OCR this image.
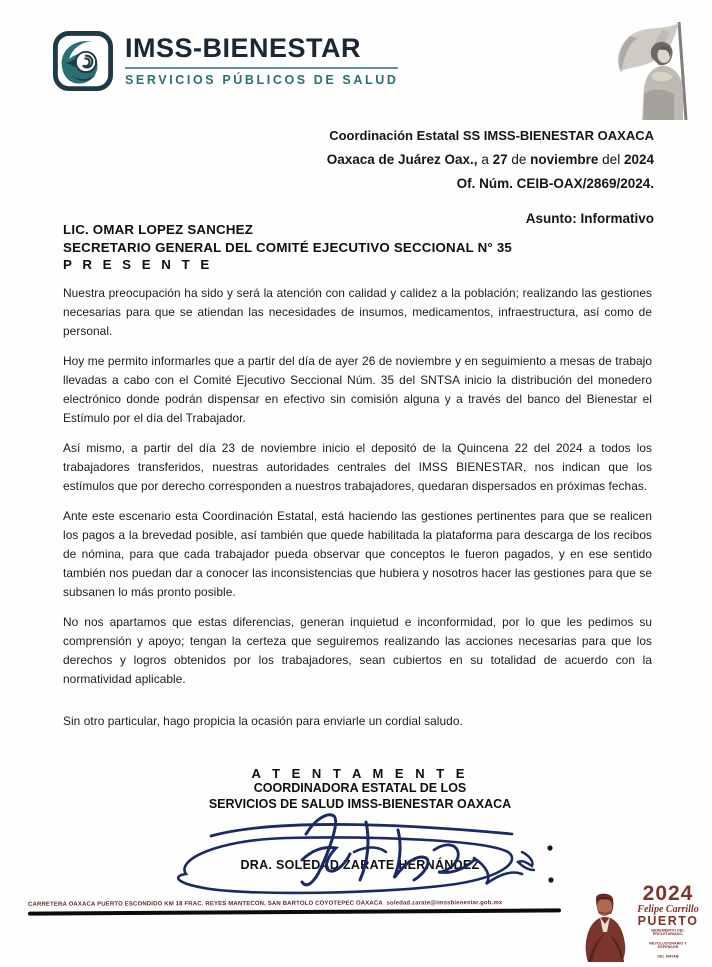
IMSS-BIENESTAR
SERVICIOS PÚBLICOS DE SALUD
Coordinación Estatal SS IMSS-BIENESTAR OAXACA
Oaxaca de Juárez Oax., a 27 de noviembre del 2024
Of. Núm. CEIB-OAX/2869/2024.
Asunto: Informativo
LIC. OMAR LOPEZ SANCHEZ
SECRETARIO GENERAL DEL COMITÉ EJECUTIVO SECCIONAL N° 35
P R E S E N T E
Nuestra preocupación ha sido y será la atención con calidad y calidez a la población; realizando las gestiones necesarias para que se atiendan las necesidades de insumos, medicamentos, infraestructura, así como de personal.
Hoy me permito informarles que a partir del día de ayer 26 de noviembre y en seguimiento a mesas de trabajo llevadas a cabo con el Comité Ejecutivo Seccional Núm. 35 del SNTSA inicio la distribución del monedero electrónico donde podrán dispensar en efectivo sin comisión alguna y a través del banco del Bienestar el Estímulo por el día del Trabajador.
Así mismo, a partir del día 23 de noviembre inicio el depositó de la Quincena 22 del 2024 a todos los trabajadores transferidos, nuestras autoridades centrales del IMSS BIENESTAR, nos indican que los estímulos que por derecho corresponden a nuestros trabajadores, quedaran dispersados en próximas fechas.
Ante este escenario esta Coordinación Estatal, está haciendo las gestiones pertinentes para que se realicen los pagos a la brevedad posible, así también que quede habilitada la plataforma para descarga de los recibos de nómina, para que cada trabajador pueda observar que conceptos le fueron pagados, y en ese sentido también nos puedan dar a conocer las inconsistencias que hubiera y nosotros hacer las gestiones para que se subsanen lo más pronto posible.
No nos apartamos que estas diferencias, generan inquietud e inconformidad, por lo que les pedimos su comprensión y apoyo; tengan la certeza que seguiremos realizando las acciones necesarias para que los derechos y logros obtenidos por los trabajadores, sean cubiertos en su totalidad de acuerdo con la normatividad aplicable.
Sin otro particular, hago propicia la ocasión para enviarle un cordial saludo.
A T E N T A M E N T E
COORDINADORA ESTATAL DE LOS
SERVICIOS DE SALUD IMSS-BIENESTAR OAXACA
DRA. SOLEDAD ZARATE HERNÁNDEZ
CARRETERA OAXACA PUERTO ESCONDIDO KM 18 FRAC. REYES MANTECON, SAN BARTOLO COYOTEPEC OAXACA soledad.zarate@imssbienestar.gob.mx	2024
Felipe Carrillo
PUERTO
BENEMÉRITO DEL PROLETARIADO,
REVOLUCIONARIO Y DEFENSOR
DEL MAYAB
